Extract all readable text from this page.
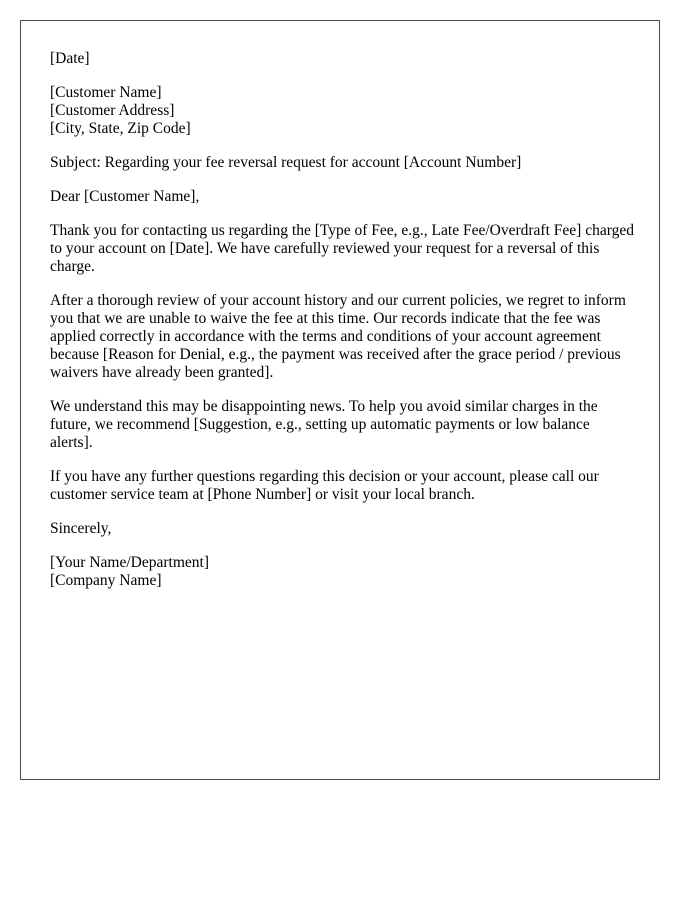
[Date]

[Customer Name]
[Customer Address]
[City, State, Zip Code]

Subject: Regarding your fee reversal request for account [Account Number]

Dear [Customer Name],

Thank you for contacting us regarding the [Type of Fee, e.g., Late Fee/Overdraft Fee] charged to your account on [Date]. We have carefully reviewed your request for a reversal of this charge.

After a thorough review of your account history and our current policies, we regret to inform you that we are unable to waive the fee at this time. Our records indicate that the fee was applied correctly in accordance with the terms and conditions of your account agreement because [Reason for Denial, e.g., the payment was received after the grace period / previous waivers have already been granted].

We understand this may be disappointing news. To help you avoid similar charges in the future, we recommend [Suggestion, e.g., setting up automatic payments or low balance alerts].

If you have any further questions regarding this decision or your account, please call our customer service team at [Phone Number] or visit your local branch.

Sincerely,

[Your Name/Department]
[Company Name]
